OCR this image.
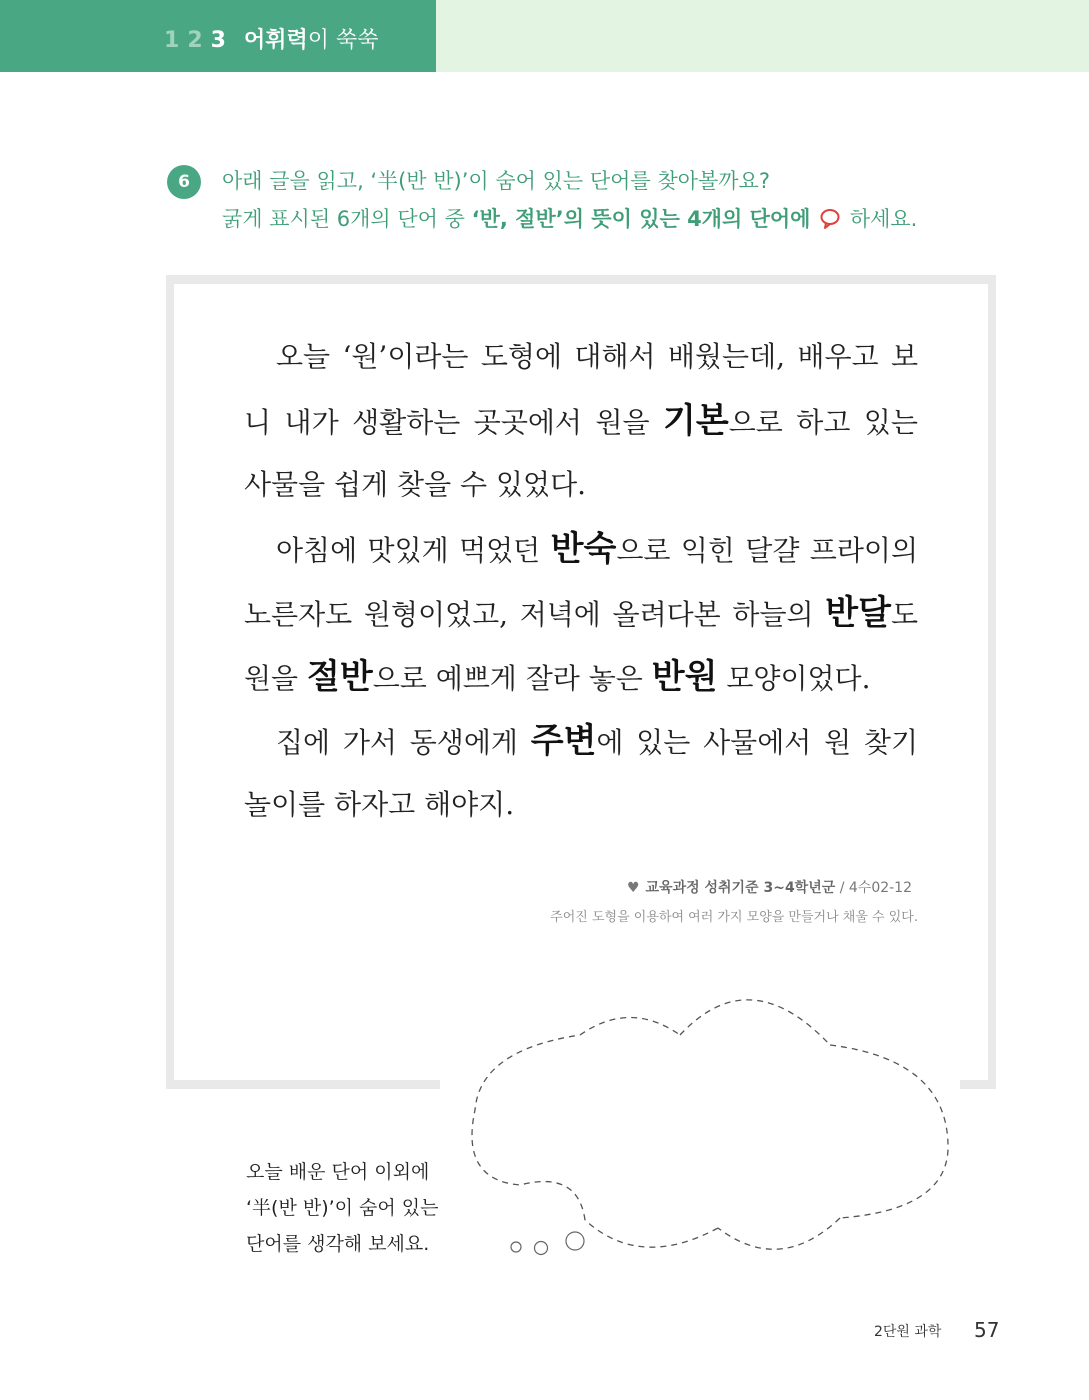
1 2 3 어휘력이 쑥쑥
6	아래 글을 읽고, ‘半(반 반)’이 숨어 있는 단어를 찾아볼까요?
굵게 표시된 6개의 단어 중 ‘반, 절반’의 뜻이 있는 4개의 단어에 하세요.
오늘 ‘원’이라는 도형에 대해서 배웠는데, 배우고 보
니 내가 생활하는 곳곳에서 원을 기본으로 하고 있는
사물을 쉽게 찾을 수 있었다.
아침에 맛있게 먹었던 반숙으로 익힌 달걀 프라이의
노른자도 원형이었고, 저녁에 올려다본 하늘의 반달도
원을 절반으로 예쁘게 잘라 놓은 반원 모양이었다.
집에 가서 동생에게 주변에 있는 사물에서 원 찾기
놀이를 하자고 해야지.
♥ 교육과정 성취기준 3~4학년군 / 4수02-12
주어진 도형을 이용하여 여러 가지 모양을 만들거나 채울 수 있다.
오늘 배운 단어 이외에
‘半(반 반)’이 숨어 있는
단어를 생각해 보세요.
2단원 과학 57
